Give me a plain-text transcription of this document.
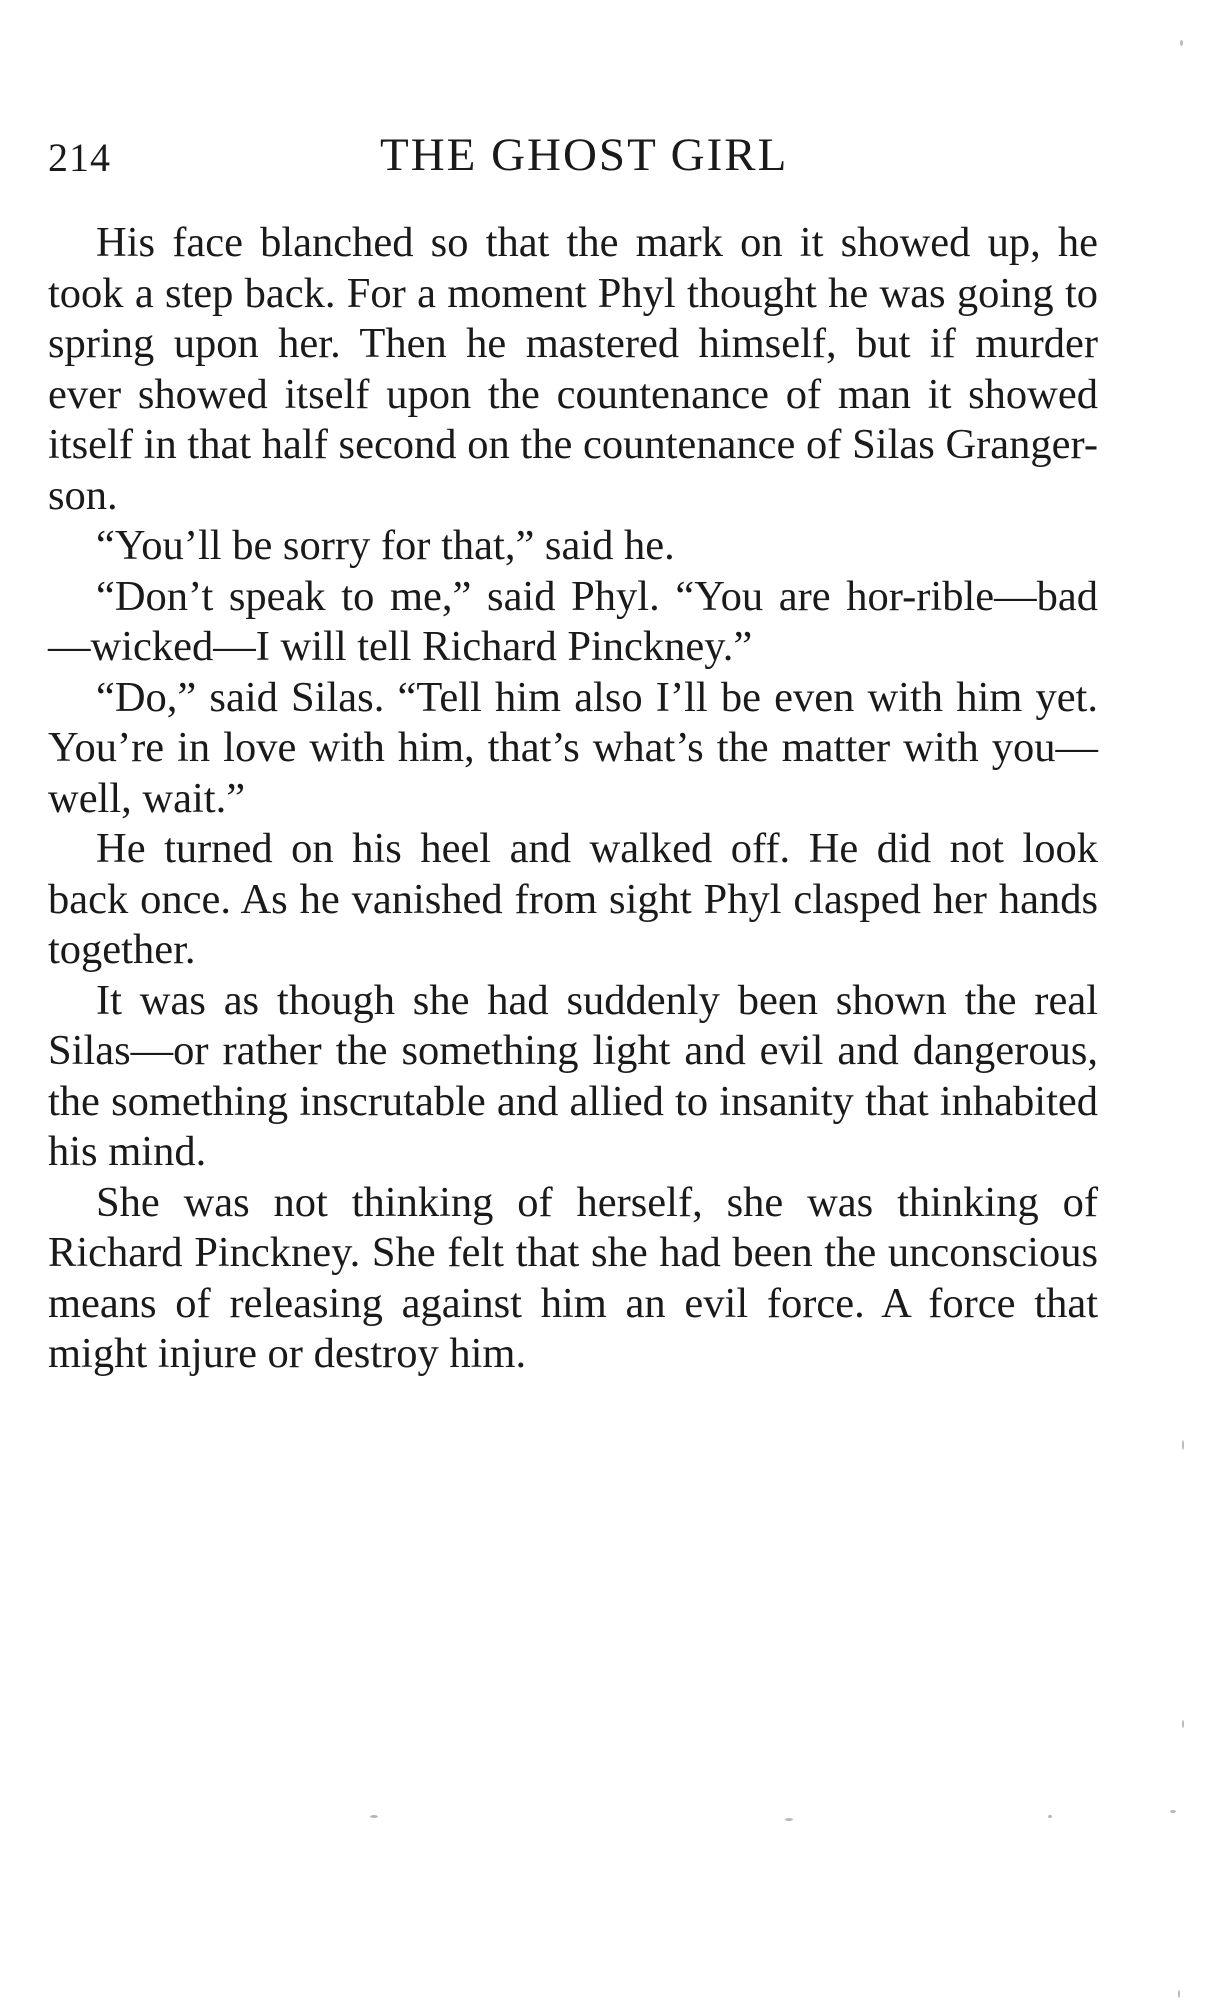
214	THE GHOST GIRL

His face blanched so that the mark on it showed up, he took a step back. For a moment Phyl thought he was going to spring upon her. Then he mastered himself, but if murder ever showed itself upon the countenance of man it showed itself in that half second on the countenance of Silas Granger-son.

“You’ll be sorry for that,” said he.

“Don’t speak to me,” said Phyl. “You are hor-rible—bad—wicked—I will tell Richard Pinckney.”

“Do,” said Silas. “Tell him also I’ll be even with him yet. You’re in love with him, that’s what’s the matter with you—well, wait.”

He turned on his heel and walked off. He did not look back once. As he vanished from sight Phyl clasped her hands together.

It was as though she had suddenly been shown the real Silas—or rather the something light and evil and dangerous, the something inscrutable and allied to insanity that inhabited his mind.

She was not thinking of herself, she was thinking of Richard Pinckney. She felt that she had been the unconscious means of releasing against him an evil force. A force that might injure or destroy him.
